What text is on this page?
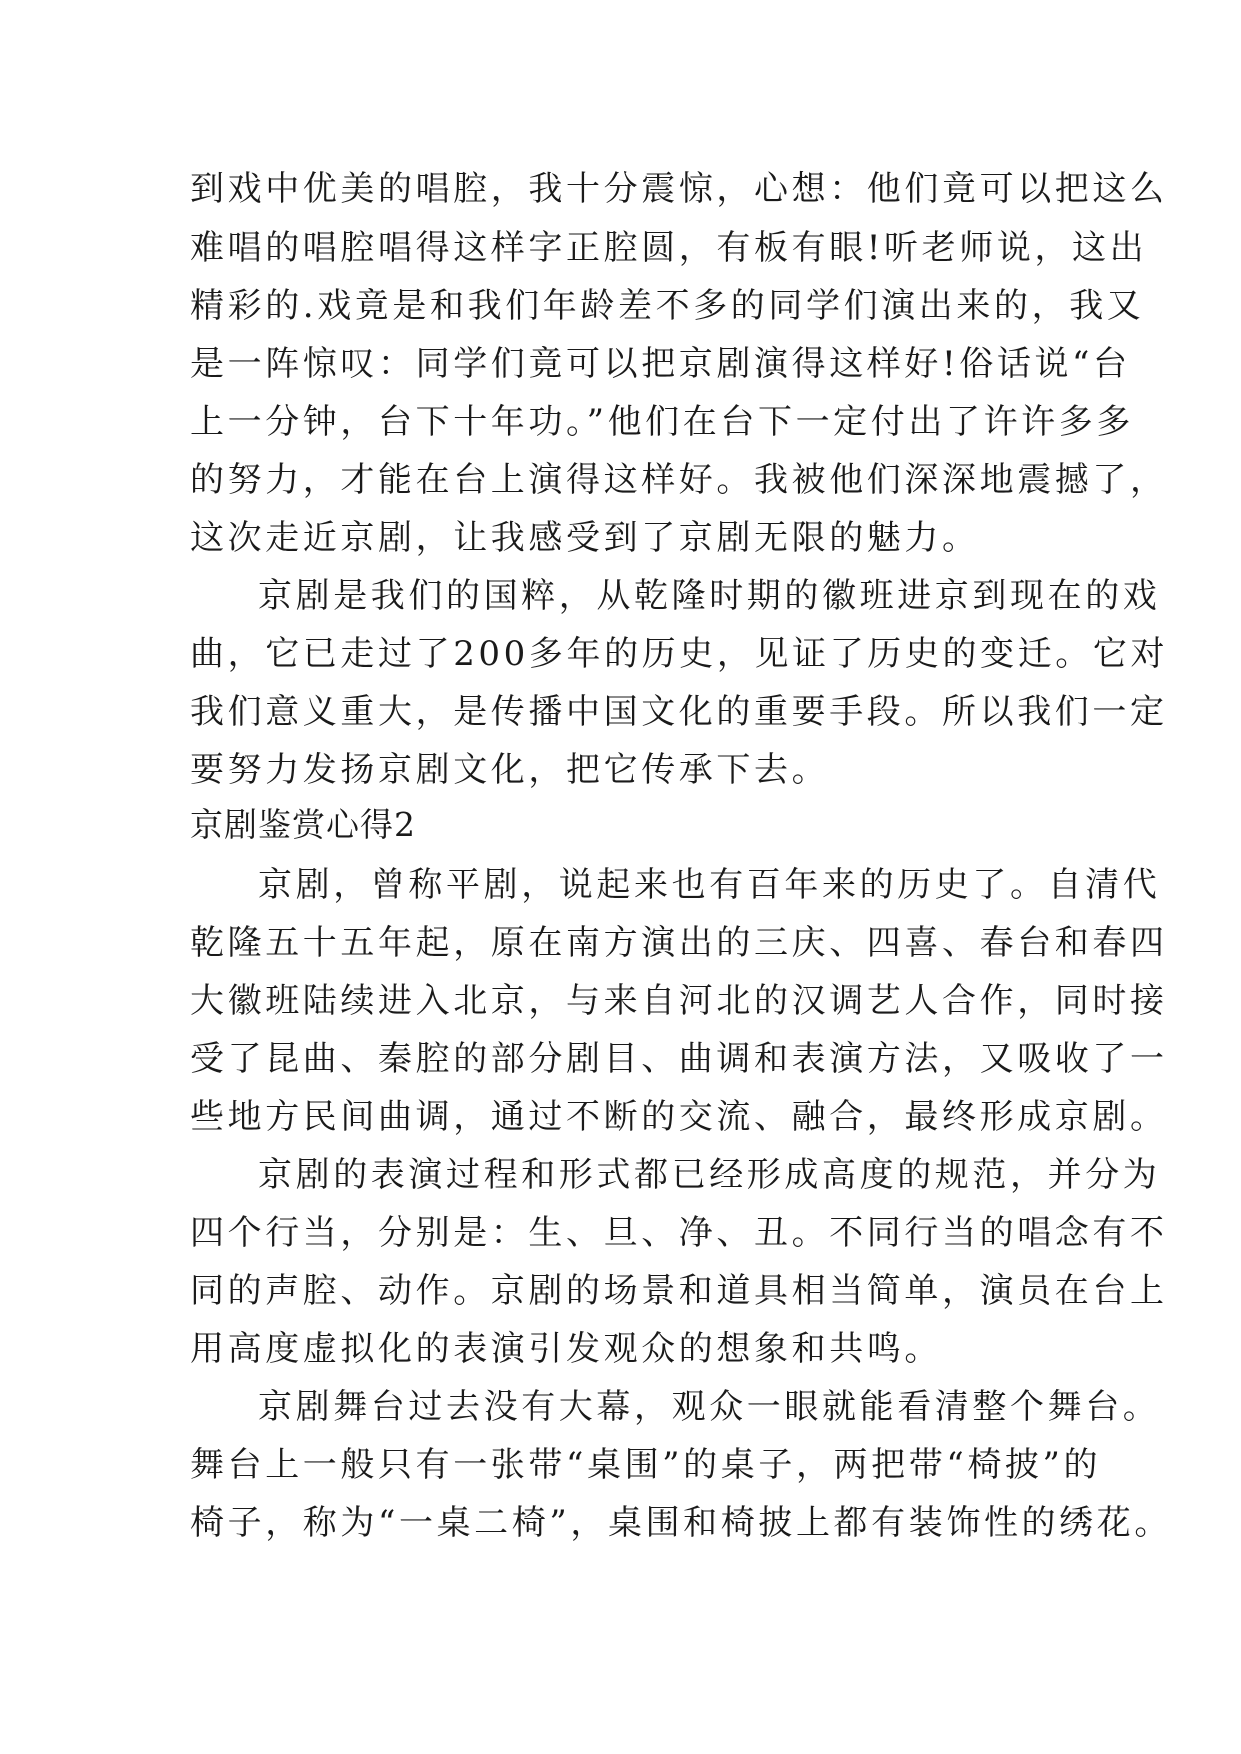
到戏中优美的唱腔，我十分震惊，心想：他们竟可以把这么
难唱的唱腔唱得这样字正腔圆，有板有眼!听老师说，这出
精彩的.戏竟是和我们年龄差不多的同学们演出来的，我又
是一阵惊叹：同学们竟可以把京剧演得这样好!俗话说“台
上一分钟，台下十年功。”他们在台下一定付出了许许多多
的努力，才能在台上演得这样好。我被他们深深地震撼了，
这次走近京剧，让我感受到了京剧无限的魅力。
京剧是我们的国粹，从乾隆时期的徽班进京到现在的戏
曲，它已走过了200多年的历史，见证了历史的变迁。它对
我们意义重大，是传播中国文化的重要手段。所以我们一定
要努力发扬京剧文化，把它传承下去。
京剧鉴赏心得2
京剧，曾称平剧，说起来也有百年来的历史了。自清代
乾隆五十五年起，原在南方演出的三庆、四喜、春台和春四
大徽班陆续进入北京，与来自河北的汉调艺人合作，同时接
受了昆曲、秦腔的部分剧目、曲调和表演方法，又吸收了一
些地方民间曲调，通过不断的交流、融合，最终形成京剧。
京剧的表演过程和形式都已经形成高度的规范，并分为
四个行当，分别是：生、旦、净、丑。不同行当的唱念有不
同的声腔、动作。京剧的场景和道具相当简单，演员在台上
用高度虚拟化的表演引发观众的想象和共鸣。
京剧舞台过去没有大幕，观众一眼就能看清整个舞台。
舞台上一般只有一张带“桌围”的桌子，两把带“椅披”的
椅子，称为“一桌二椅”，桌围和椅披上都有装饰性的绣花。
